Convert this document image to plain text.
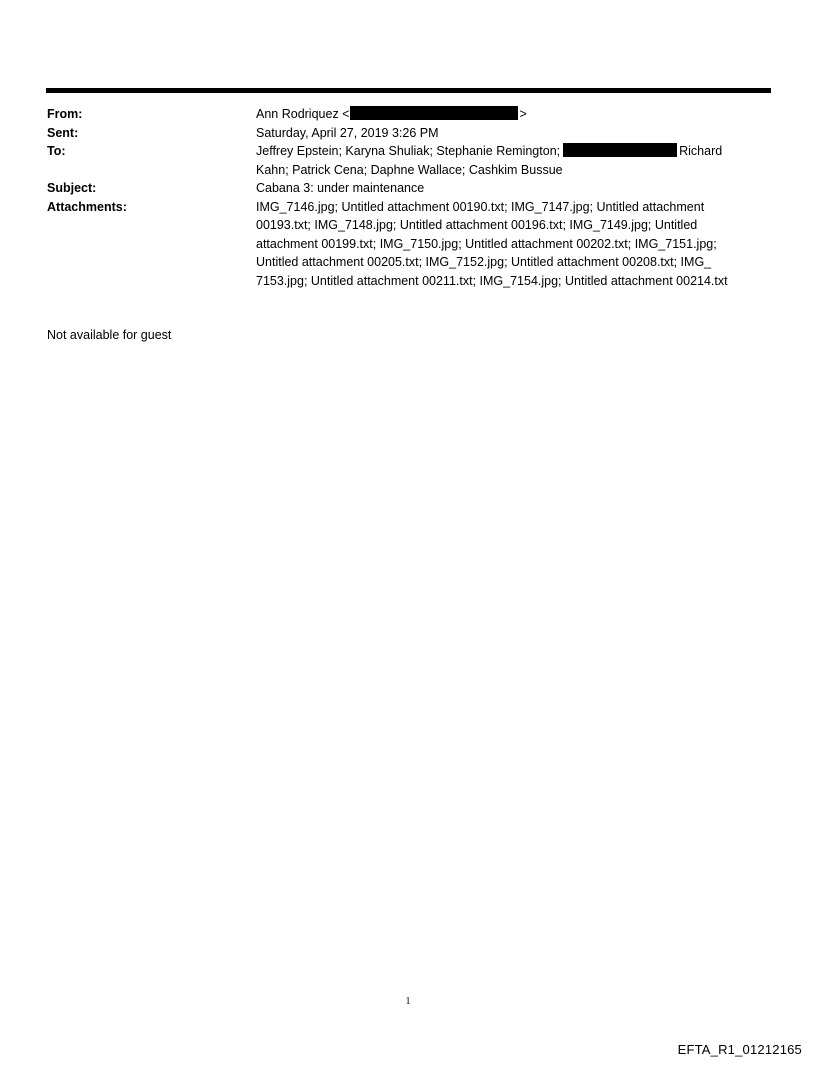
From:	Ann Rodriquez <	>
Sent:	Saturday, April 27, 2019 3:26 PM
To:	Jeffrey Epstein; Karyna Shuliak; Stephanie Remington;	Richard
Kahn; Patrick Cena; Daphne Wallace; Cashkim Bussue
Subject:	Cabana 3: under maintenance
Attachments:	IMG_7146.jpg; Untitled attachment 00190.txt; IMG_7147.jpg; Untitled attachment
00193.txt; IMG_7148.jpg; Untitled attachment 00196.txt; IMG_7149.jpg; Untitled
attachment 00199.txt; IMG_7150.jpg; Untitled attachment 00202.txt; IMG_7151.jpg;
Untitled attachment 00205.txt; IMG_7152.jpg; Untitled attachment 00208.txt; IMG_
7153.jpg; Untitled attachment 00211.txt; IMG_7154.jpg; Untitled attachment 00214.txt
Not available for guest
1
EFTA_R1_01212165
